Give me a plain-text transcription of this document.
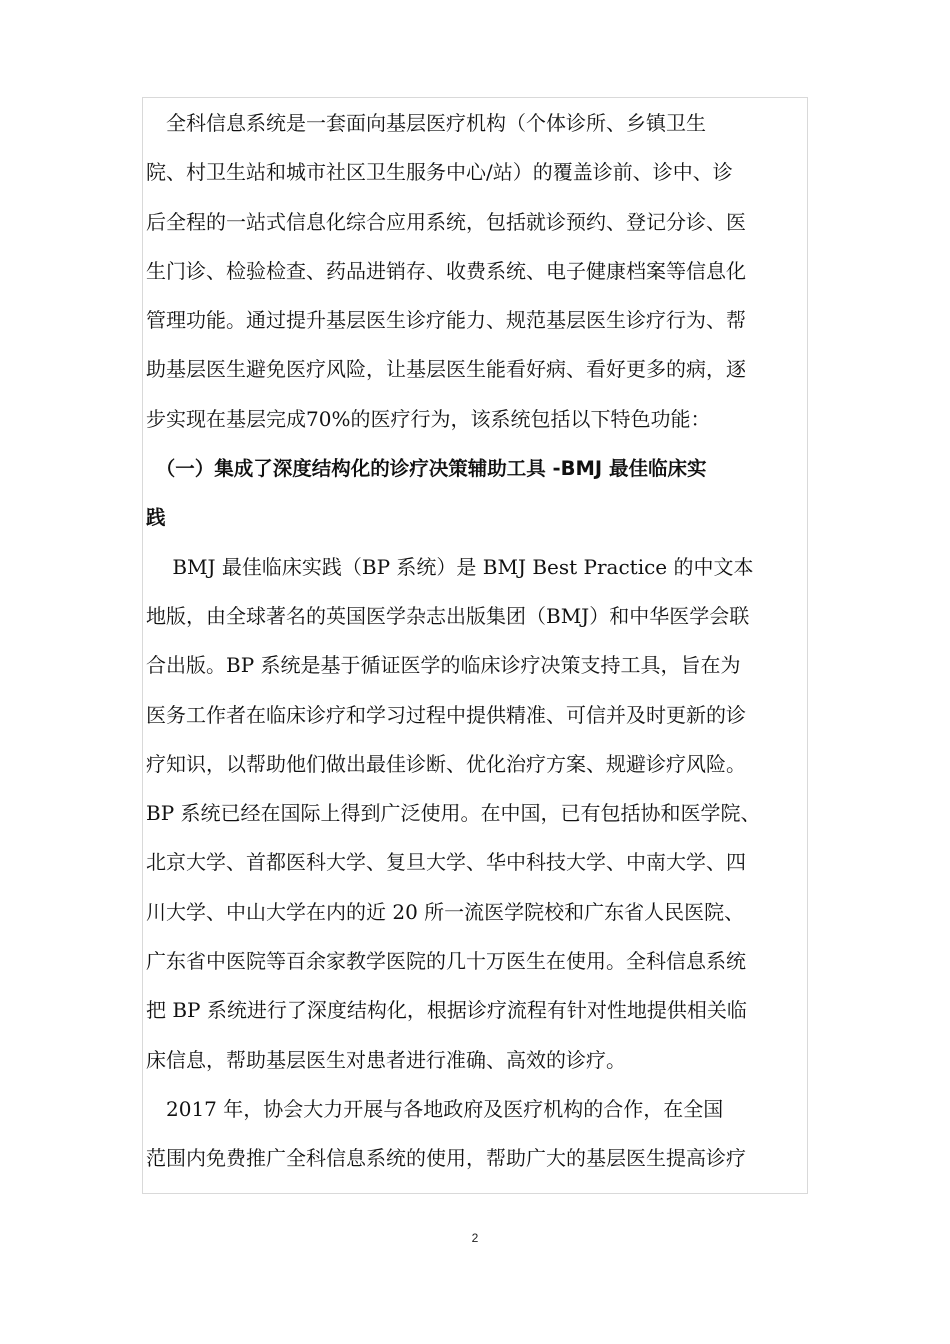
　全科信息系统是一套面向基层医疗机构（个体诊所、乡镇卫生
院、村卫生站和城市社区卫生服务中心/站）的覆盖诊前、诊中、诊
后全程的一站式信息化综合应用系统，包括就诊预约、登记分诊、医
生门诊、检验检查、药品进销存、收费系统、电子健康档案等信息化
管理功能。通过提升基层医生诊疗能力、规范基层医生诊疗行为、帮
助基层医生避免医疗风险，让基层医生能看好病、看好更多的病，逐
步实现在基层完成70%的医疗行为，该系统包括以下特色功能：
　（一）集成了深度结构化的诊疗决策辅助工具 -BMJ 最佳临床实
践
　 BMJ 最佳临床实践（BP 系统）是 BMJ Best Practice 的中文本
地版，由全球著名的英国医学杂志出版集团（BMJ）和中华医学会联
合出版。BP 系统是基于循证医学的临床诊疗决策支持工具，旨在为
医务工作者在临床诊疗和学习过程中提供精准、可信并及时更新的诊
疗知识，以帮助他们做出最佳诊断、优化治疗方案、规避诊疗风险。
BP 系统已经在国际上得到广泛使用。在中国，已有包括协和医学院、
北京大学、首都医科大学、复旦大学、华中科技大学、中南大学、四
川大学、中山大学在内的近 20 所一流医学院校和广东省人民医院、
广东省中医院等百余家教学医院的几十万医生在使用。全科信息系统
把 BP 系统进行了深度结构化，根据诊疗流程有针对性地提供相关临
床信息，帮助基层医生对患者进行准确、高效的诊疗。
　2017 年，协会大力开展与各地政府及医疗机构的合作，在全国
范围内免费推广全科信息系统的使用，帮助广大的基层医生提高诊疗
2
